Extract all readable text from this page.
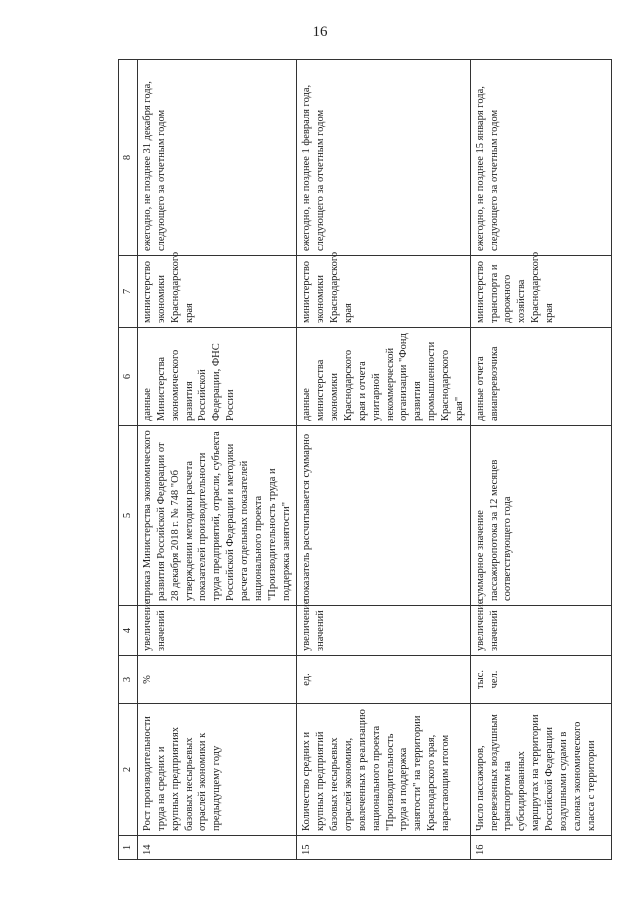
16
1	2	3	4	5	6	7	8
14	Рост производительности труда на средних и крупных предприятиях базовых несырьевых отраслей экономики к предыдущему году	%	увеличение значений	приказ Министерства экономического развития Российской Федерации от 28 декабря 2018 г. № 748 "Об утверждении методики расчета показателей производительности труда предприятий, отрасли, субъекта Российской Федерации и методики расчета отдельных показателей национального проекта "Производительность труда и поддержка занятости"	данные Министерства экономического развития Российской Федерации, ФНС России	министерство экономики Краснодарского края	ежегодно, не позднее 31 декабря года, следующего за отчетным годом
15	Количество средних и крупных предприятий базовых несырьевых отраслей экономики, вовлеченных в реализацию национального проекта "Производительность труда и поддержка занятости" на территории Краснодарского края, нарастающим итогом	ед.	увеличение значений	показатель рассчитывается суммарно	данные министерства экономики Краснодарского края и отчета унитарной некоммерческой организации "Фонд развития промышленности Краснодарского края"	министерство экономики Краснодарского края	ежегодно, не позднее 1 февраля года, следующего за отчетным годом
16	Число пассажиров, перевезенных воздушным транспортом на субсидированных маршрутах на территории Российской Федерации воздушными судами в салонах экономического класса с территории	тыс. чел.	увеличение значений	суммарное значение пассажиропотока за 12 месяцев соответствующего года	данные отчета авиаперевозчика	министерство транспорта и дорожного хозяйства Краснодарского края	ежегодно, не позднее 15 января года, следующего за отчетным годом
